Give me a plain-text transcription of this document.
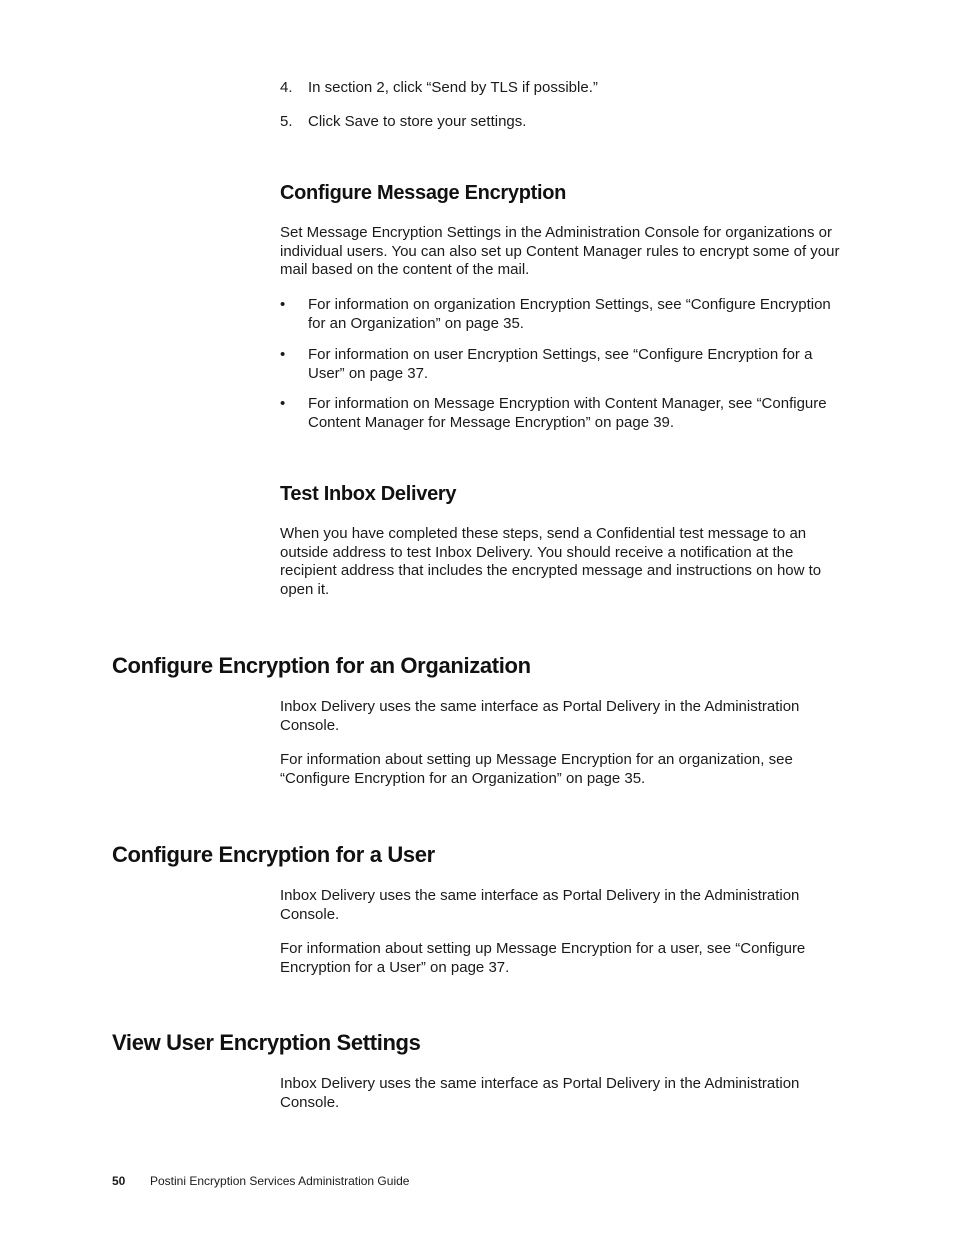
4. In section 2, click “Send by TLS if possible.”
5. Click Save to store your settings.
Configure Message Encryption

Set Message Encryption Settings in the Administration Console for organizations or individual users. You can also set up Content Manager rules to encrypt some of your mail based on the content of the mail.

• For information on organization Encryption Settings, see “Configure Encryption for an Organization” on page 35.
• For information on user Encryption Settings, see “Configure Encryption for a User” on page 37.
• For information on Message Encryption with Content Manager, see “Configure Content Manager for Message Encryption” on page 39.
Test Inbox Delivery

When you have completed these steps, send a Confidential test message to an outside address to test Inbox Delivery. You should receive a notification at the recipient address that includes the encrypted message and instructions on how to open it.

Configure Encryption for an Organization

Inbox Delivery uses the same interface as Portal Delivery in the Administration Console.

For information about setting up Message Encryption for an organization, see “Configure Encryption for an Organization” on page 35.

Configure Encryption for a User

Inbox Delivery uses the same interface as Portal Delivery in the Administration Console.

For information about setting up Message Encryption for a user, see “Configure Encryption for a User” on page 37.

View User Encryption Settings

Inbox Delivery uses the same interface as Portal Delivery in the Administration Console.

50 Postini Encryption Services Administration Guide
